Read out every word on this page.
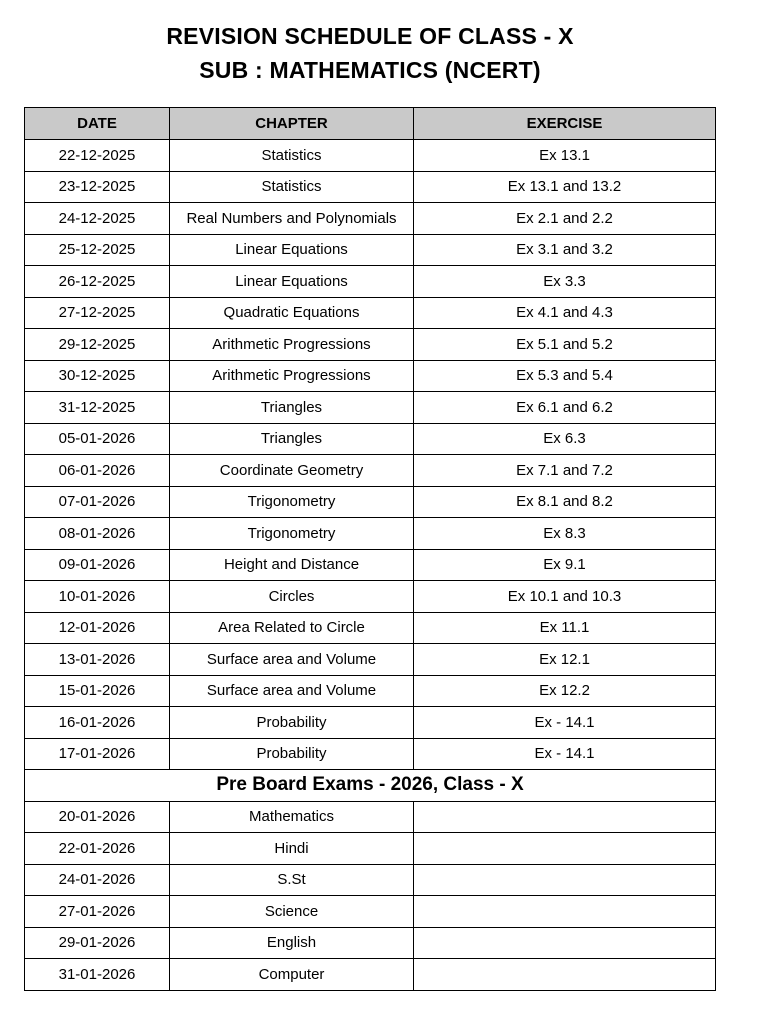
REVISION SCHEDULE OF CLASS - X
SUB : MATHEMATICS (NCERT)
DATE	CHAPTER	EXERCISE
22-12-2025	Statistics	Ex 13.1
23-12-2025	Statistics	Ex 13.1 and 13.2
24-12-2025	Real Numbers and Polynomials	Ex 2.1 and 2.2
25-12-2025	Linear Equations	Ex 3.1 and 3.2
26-12-2025	Linear Equations	Ex 3.3
27-12-2025	Quadratic Equations	Ex 4.1 and 4.3
29-12-2025	Arithmetic Progressions	Ex 5.1 and 5.2
30-12-2025	Arithmetic Progressions	Ex 5.3 and 5.4
31-12-2025	Triangles	Ex 6.1 and 6.2
05-01-2026	Triangles	Ex 6.3
06-01-2026	Coordinate Geometry	Ex 7.1 and 7.2
07-01-2026	Trigonometry	Ex 8.1 and 8.2
08-01-2026	Trigonometry	Ex 8.3
09-01-2026	Height and Distance	Ex 9.1
10-01-2026	Circles	Ex 10.1 and 10.3
12-01-2026	Area Related to Circle	Ex 11.1
13-01-2026	Surface area and Volume	Ex 12.1
15-01-2026	Surface area and Volume	Ex 12.2
16-01-2026	Probability	Ex - 14.1
17-01-2026	Probability	Ex - 14.1
Pre Board Exams - 2026, Class - X		
20-01-2026	Mathematics	
22-01-2026	Hindi	
24-01-2026	S.St	
27-01-2026	Science	
29-01-2026	English	
31-01-2026	Computer	
